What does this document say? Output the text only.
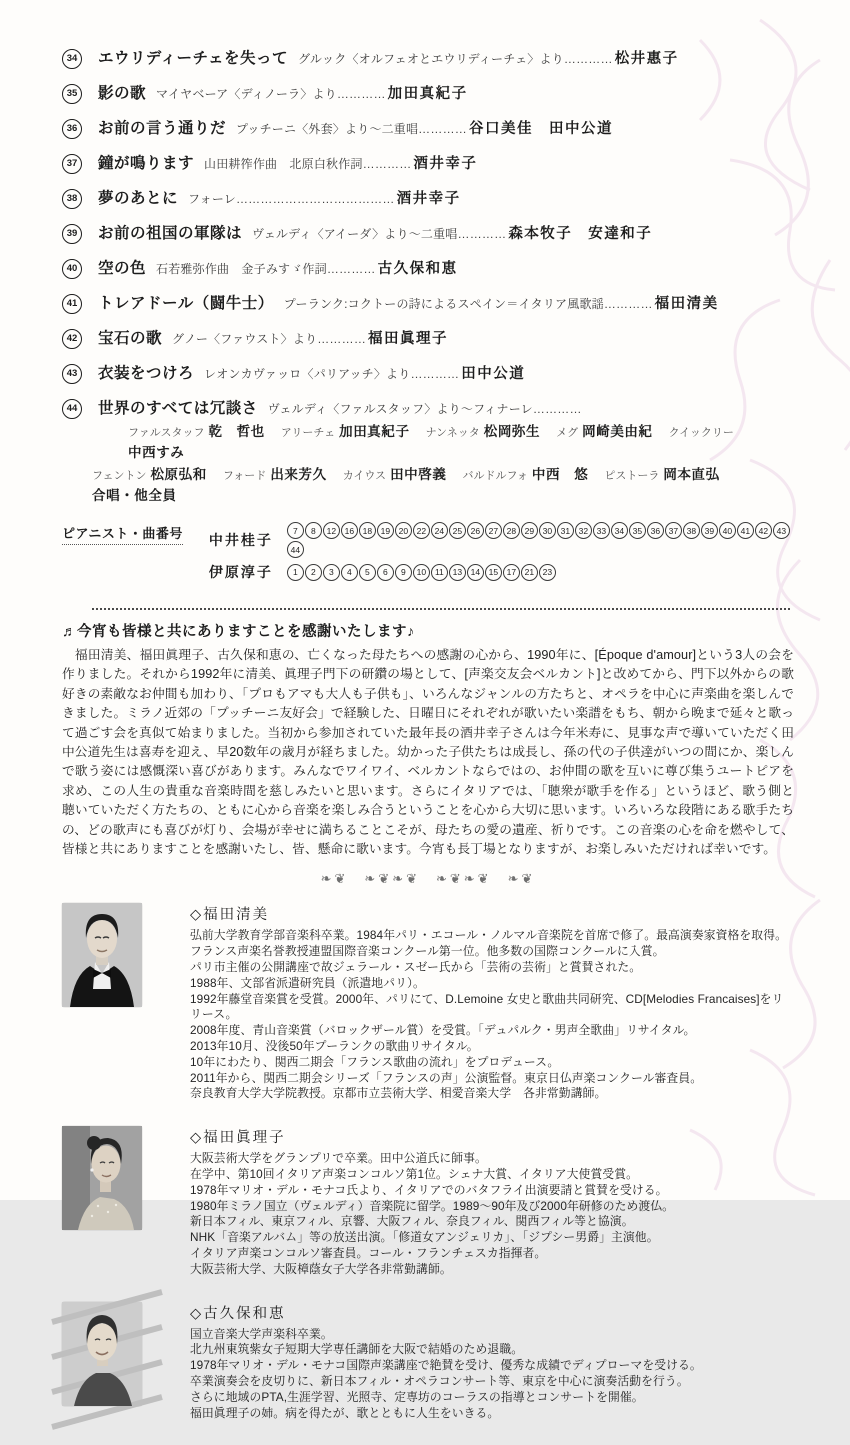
34	エウリディーチェを失って グルック〈オルフェオとエウリディーチェ〉より………… 松井惠子
35	影の歌 マイヤベーア〈ディノーラ〉より………… 加田真紀子
36	お前の言う通りだ プッチーニ〈外套〉より～二重唱………… 谷口美佳　田中公道
37	鐘が鳴ります 山田耕筰作曲　北原白秋作詞………… 酒井幸子
38	夢のあとに フォーレ………………………………… 酒井幸子
39	お前の祖国の軍隊は ヴェルディ〈アイーダ〉より～二重唱………… 森本牧子　安達和子
40	空の色 石若雅弥作曲　金子みすゞ作詞………… 古久保和恵
41	トレアドール（闘牛士） プーランク:コクトーの詩によるスペイン＝イタリア風歌謡………… 福田清美
42	宝石の歌 グノー〈ファウスト〉より………… 福田眞理子
43	衣装をつけろ レオンカヴァッロ〈パリアッチ〉より………… 田中公道
44	世界のすべては冗談さ ヴェルディ〈ファルスタッフ〉より～フィナーレ…………
ファルスタッフ 乾　哲也 アリーチェ 加田真紀子 ナンネッタ 松岡弥生 メグ 岡崎美由紀 クイックリー
中西すみ
フェントン 松原弘和 フォード 出来芳久 カイウス 田中啓義 バルドルフォ 中西　悠 ピストーラ 岡本直弘
合唱・他全員
ピアニスト・曲番号 中井桂子
7	8	12	16	18	19	20	22	24	25	26	27	28	29	30	31	32	33	34	35	36	37	38	39	40	41	42	43
44
伊原淳子	1	2	3	4	5	6	9	10	11	13	14	15	17	21	23
♬今宵も皆様と共にありますことを感謝いたします♪

　福田清美、福田眞理子、古久保和恵の、亡くなった母たちへの感謝の心から、1990年に、[Époque d'amour]という3人の会を作りました。それから1992年に清美、眞理子門下の研鑽の場として、[声楽交友会ベルカント]と改めてから、門下以外からの歌好きの素敵なお仲間も加わり、「プロもアマも大人も子供も」、いろんなジャンルの方たちと、オペラを中心に声楽曲を楽しんできました。ミラノ近郊の「プッチーニ友好会」で経験した、日曜日にそれぞれが歌いたい楽譜をもち、朝から晩まで延々と歌って過ごす会を真似て始まりました。当初から参加されていた最年長の酒井幸子さんは今年米寿に、見事な声で導いていただく田中公道先生は喜寿を迎え、早20数年の歳月が経ちました。幼かった子供たちは成長し、孫の代の子供達がいつの間にか、楽しんで歌う姿には感慨深い喜びがあります。みんなでワイワイ、ベルカントならではの、お仲間の歌を互いに尊び集うユートピアを求め、この人生の貴重な音楽時間を慈しみたいと思います。さらにイタリアでは、「聴衆が歌手を作る」というほど、歌う側と聴いていただく方たちの、ともに心から音楽を楽しみ合うということを心から大切に思います。いろいろな段階にある歌手たちの、どの歌声にも喜びが灯り、会場が幸せに満ちることこそが、母たちの愛の遺産、祈りです。この音楽の心を命を燃やして、皆様と共にありますことを感謝いたし、皆、懸命に歌います。今宵も長丁場となりますが、お楽しみいただければ幸いです。

❧❦　❧❦❧❦　❧❦❧❦　❧❦
◇福田清美
弘前大学教育学部音楽科卒業。1984年パリ・エコール・ノルマル音楽院を首席で修了。最高演奏家資格を取得。
フランス声楽名誉教授連盟国際音楽コンクール第一位。他多数の国際コンクールに入賞。
パリ市主催の公開講座で故ジェラール・スゼー氏から「芸術の芸術」と賞賛された。
1988年、文部省派遣研究員（派遣地パリ）。
1992年藤堂音楽賞を受賞。2000年、パリにて、D.Lemoine 女史と歌曲共同研究、CD[Melodies Francaises]をリリース。
2008年度、青山音楽賞（バロックザール賞）を受賞。「デュパルク・男声全歌曲」リサイタル。
2013年10月、没後50年プーランクの歌曲リサイタル。
10年にわたり、関西二期会「フランス歌曲の流れ」をプロデュース。
2011年から、関西二期会シリーズ「フランスの声」公演監督。東京日仏声楽コンクール審査員。
奈良教育大学大学院教授。京都市立芸術大学、相愛音楽大学　各非常勤講師。
◇福田眞理子
大阪芸術大学をグランプリで卒業。田中公道氏に師事。
在学中、第10回イタリア声楽コンコルソ第1位。シェナ大賞、イタリア大使賞受賞。
1978年マリオ・デル・モナコ氏より、イタリアでのバタフライ出演要請と賞賛を受ける。
1980年ミラノ国立（ヴェルディ）音楽院に留学。1989～90年及び2000年研修のため渡仏。
新日本フィル、東京フィル、京響、大阪フィル、奈良フィル、関西フィル等と協演。
NHK「音楽アルバム」等の放送出演。「修道女アンジェリカ」、「ジプシー男爵」主演他。
イタリア声楽コンコルソ審査員。コール・フランチェスカ指揮者。
大阪芸術大学、大阪樟蔭女子大学各非常勤講師。
◇古久保和恵
国立音楽大学声楽科卒業。
北九州東筑紫女子短期大学専任講師を大阪で結婚のため退職。
1978年マリオ・デル・モナコ国際声楽講座で絶賛を受け、優秀な成績でディプローマを受ける。
卒業演奏会を皮切りに、新日本フィル・オペラコンサート等、東京を中心に演奏活動を行う。
さらに地域のPTA,生涯学習、光照寺、定専坊のコーラスの指導とコンサートを開催。
福田眞理子の姉。病を得たが、歌とともに人生をいきる。
